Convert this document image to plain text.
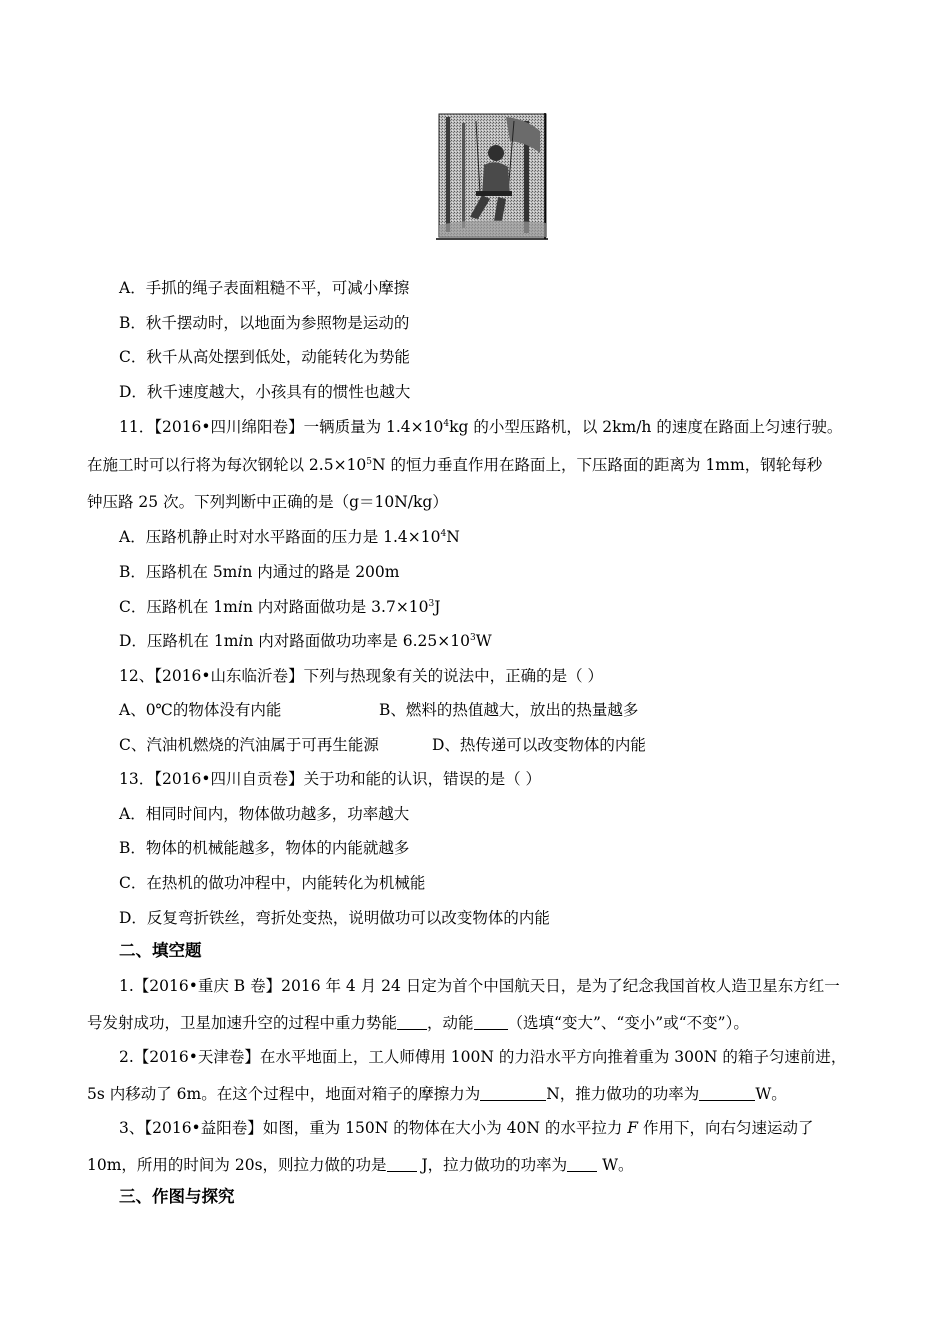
A．手抓的绳子表面粗糙不平，可减小摩擦
B．秋千摆动时，以地面为参照物是运动的
C．秋千从高处摆到低处，动能转化为势能
D．秋千速度越大，小孩具有的惯性也越大
11．【2016•四川绵阳卷】一辆质量为 $1.4\times 10^4kg$ 的小型压路机，以 2km/h 的速度在路面上匀速行驶。
在施工时可以行将为每次钢轮以 $2.5\times 10^5N$ 的恒力垂直作用在路面上，下压路面的距离为 1mm，钢轮每秒
钟压路 25 次。下列判断中正确的是（g＝10N/kg）
A．压路机静止时对水平路面的压力是 $1.4\times 10^4N$
B．压路机在 5min 内通过的路是 200m
C．压路机在 1min 内对路面做功是 $3.7\times 10^3J$
D．压路机在 1min 内对路面做功功率是 $6.25\times 10^3W$
12、【2016•山东临沂卷】下列与热现象有关的说法中，正确的是（ ）
A、0℃的物体没有内能	B、燃料的热值越大，放出的热量越多
C、汽油机燃烧的汽油属于可再生能源	D、热传递可以改变物体的内能
13．【2016•四川自贡卷】关于功和能的认识，错误的是（ ）
A．相同时间内，物体做功越多，功率越大
B．物体的机械能越多，物体的内能就越多
C．在热机的做功冲程中，内能转化为机械能
D．反复弯折铁丝，弯折处变热，说明做功可以改变物体的内能
二、填空题
1.【2016•重庆 B 卷】2016 年 4 月 24 日定为首个中国航天日，是为了纪念我国首枚人造卫星东方红一
号发射成功，卫星加速升空的过程中重力势能 ，动能 （选填“变大”、“变小”或“不变”）。
2.【2016•天津卷】在水平地面上，工人师傅用 100N 的力沿水平方向推着重为 300N 的箱子匀速前进，
5s 内移动了 6m。在这个过程中，地面对箱子的摩擦力为	N，推力做功的功率为	W。
3、【2016•益阳卷】如图，重为 150N 的物体在大小为 40N 的水平拉力 F 作用下，向右匀速运动了
10m，所用的时间为 20s，则拉力做的功是 J，拉力做功的功率为 W。
三、作图与探究
